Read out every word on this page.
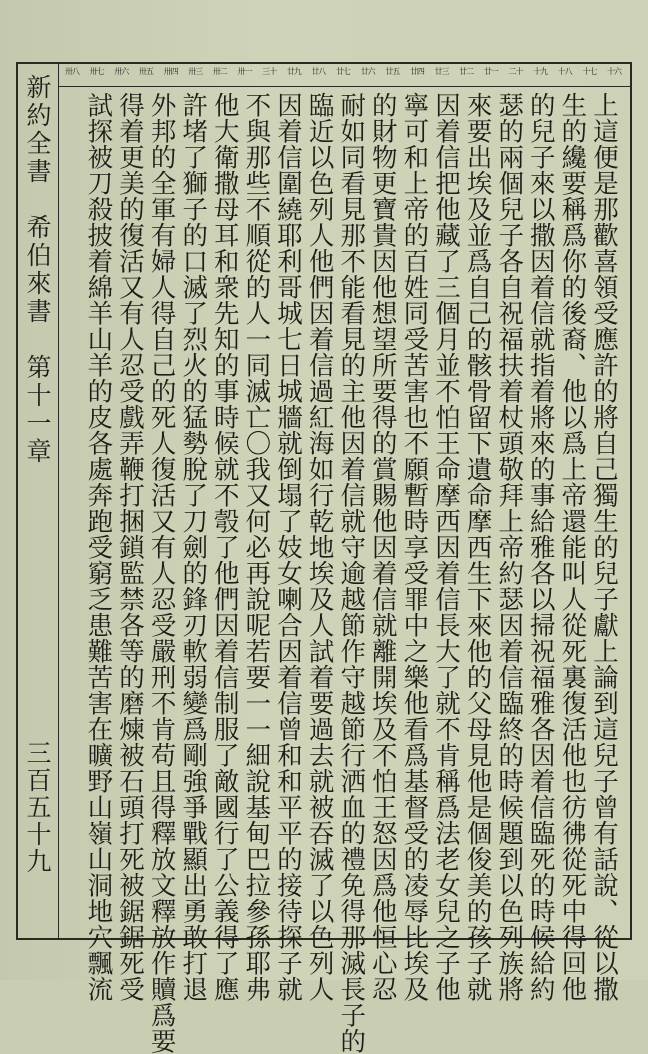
十六
十七
十八
十九
二十
廿一
廿二
廿三
廿四
廿五
廿六
廿七
廿八
廿九
三十
卅一
卅二
卅三
卅四
卅五
卅六
卅七
卅八
新約全書希伯來書第十一章
三百五十九	上這便是那歡喜領受應許的將自己獨生的兒子獻上論到這兒子曾有話說、從以撒
生的纔要稱爲你的後裔、他以爲上帝還能叫人從死裏復活他也彷彿從死中得回他
的兒子來以撒因着信就指着將來的事給雅各以掃祝福雅各因着信臨死的時候給約
瑟的兩個兒子各自祝福扶着杖頭敬拜上帝約瑟因着信臨終的時候題到以色列族將
來要出埃及並爲自己的骸骨留下遺命摩西生下來他的父母見他是個俊美的孩子就
因着信把他藏了三個月並不怕王命摩西因着信長大了就不肯稱爲法老女兒之子他
寧可和上帝的百姓同受苦害也不願暫時享受罪中之樂他看爲基督受的凌辱比埃及
的財物更寶貴因他想望所要得的賞賜他因着信就離開埃及不怕王怒因爲他恒心忍
耐如同看見那不能看見的主他因着信就守逾越節作守越節行洒血的禮免得那滅長子的
臨近以色列人他們因着信過紅海如行乾地埃及人試着要過去就被吞滅了以色列人
因着信圍繞耶利哥城七日城牆就倒塌了妓女喇合因着信曾和和平平的接待探子就
不與那些不順從的人一同滅亡〇我又何必再說呢若要一一細說基甸巴拉參孫耶弗
他大衛撒母耳和衆先知的事時候就不彀了他們因着信制服了敵國行了公義得了應
許堵了獅子的口滅了烈火的猛勢脫了刀劍的鋒刃軟弱變爲剛強爭戰顯出勇敢打退
外邦的全軍有婦人得自己的死人復活又有人忍受嚴刑不肯苟且得釋放文釋放作贖爲要
得着更美的復活又有人忍受戲弄鞭打捆鎖監禁各等的磨煉被石頭打死被鋸鋸死受
試探被刀殺披着綿羊山羊的皮各處奔跑受窮乏患難苦害在曠野山嶺山洞地穴飄流
